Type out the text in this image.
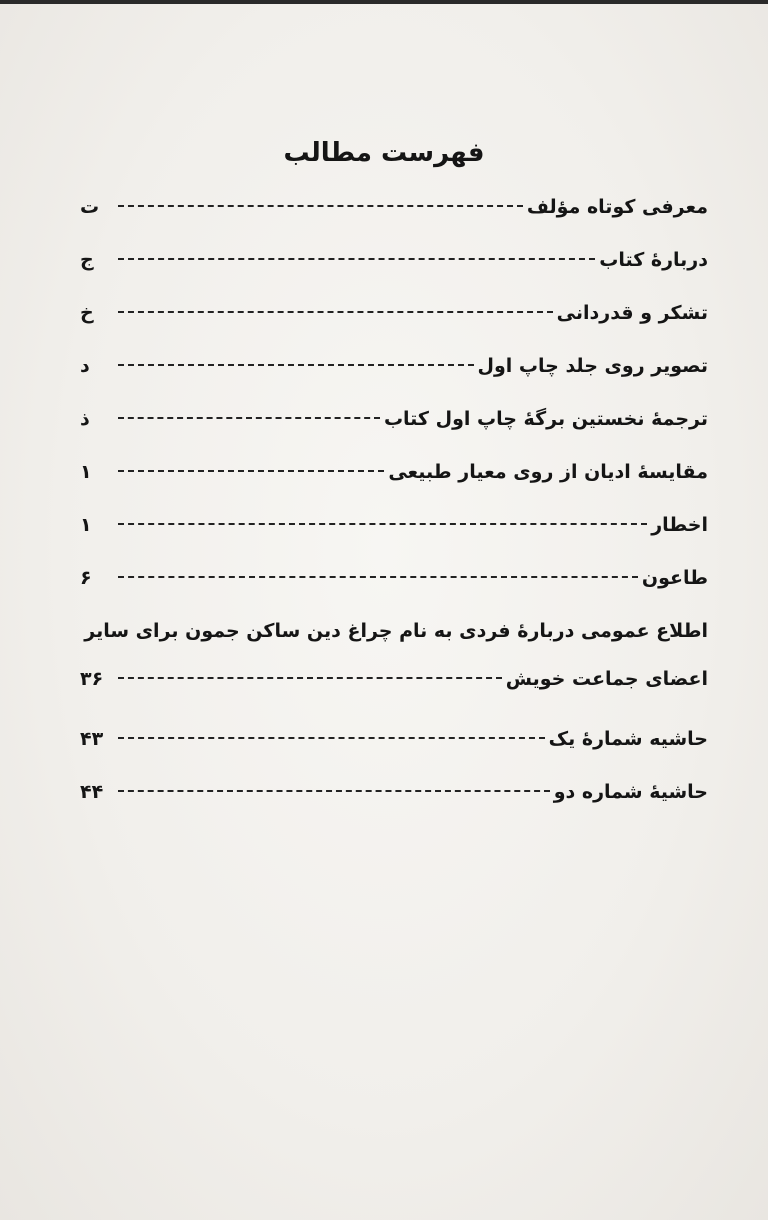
فهرست مطالب
معرفی کوتاه مؤلف
ت
دربارۀ کتاب
ج
تشکر و قدردانی
خ
تصویر روی جلد چاپ اول
د
ترجمۀ نخستین برگۀ چاپ اول کتاب
ذ
مقایسۀ ادیان از روی معیار طبیعی
۱
اخطار
۱
طاعون
۶
اطلاع عمومی دربارۀ فردی به نام چراغ دین ساکن جمون برای سایر
اعضای جماعت خویش
۳۶
حاشیه شمارۀ یک
۴۳
حاشیۀ شماره دو
۴۴
